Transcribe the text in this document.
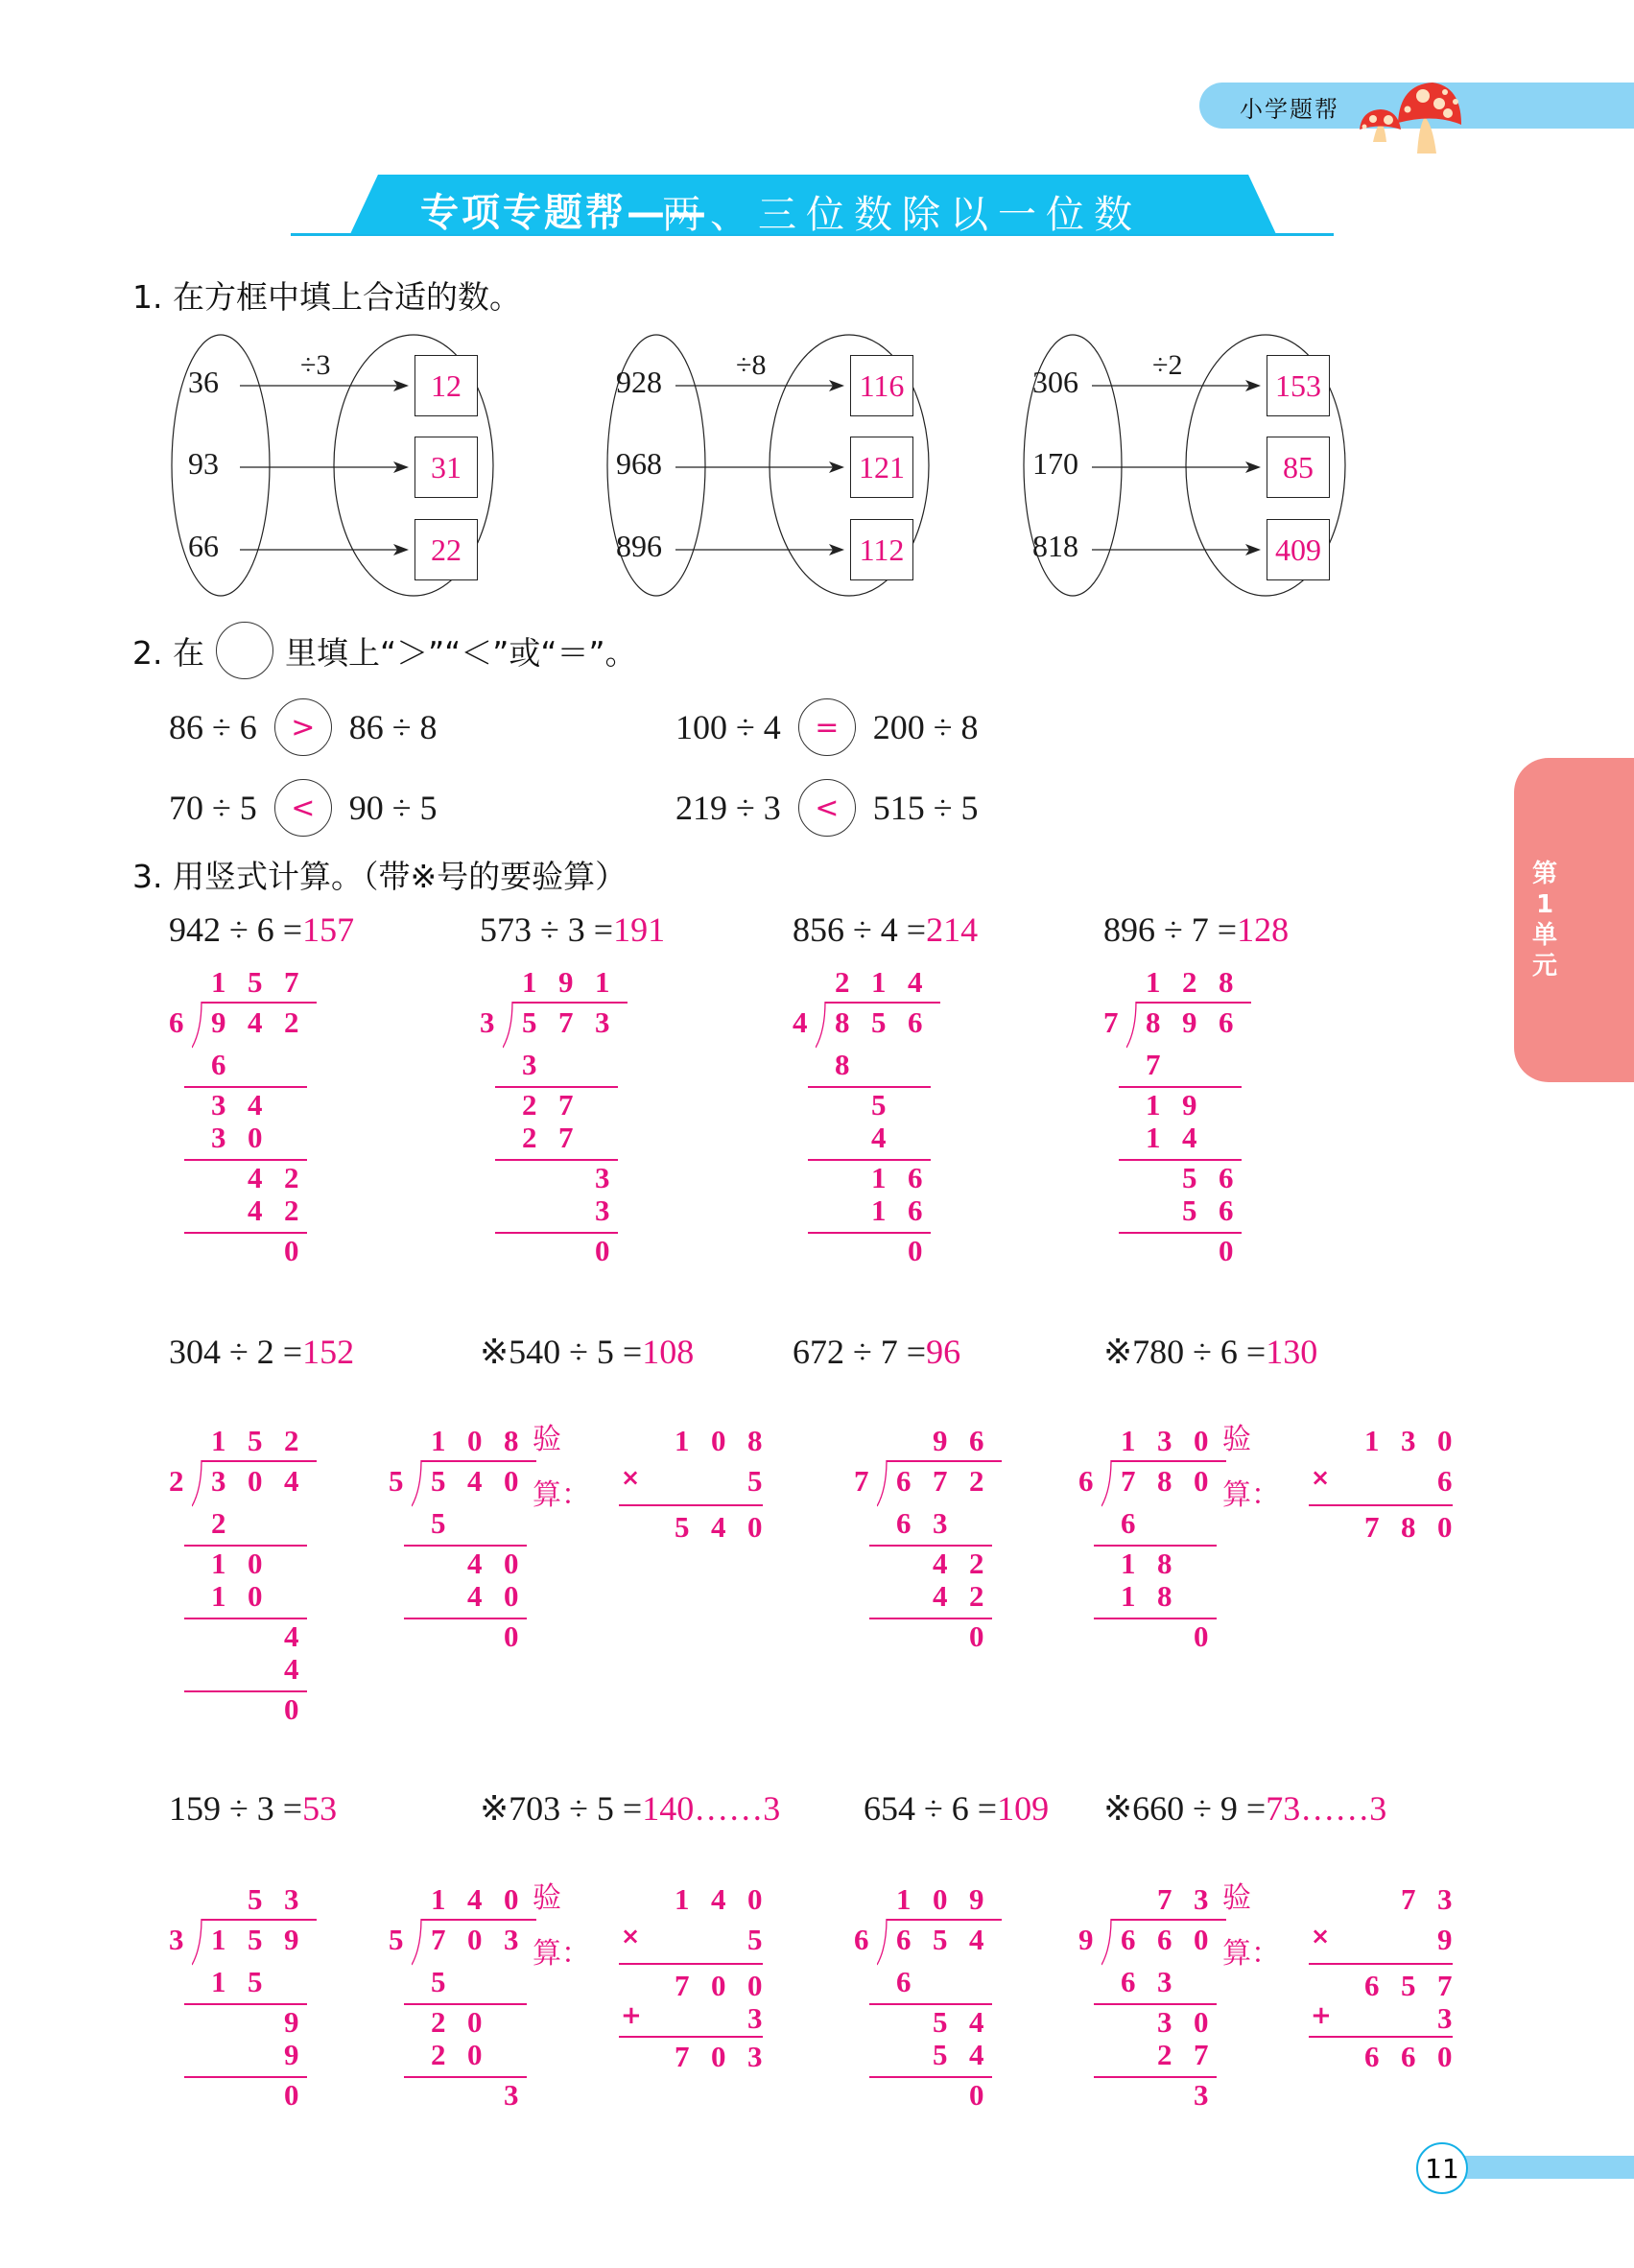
小学题帮
专项专题帮——
两、三位数除以一位数
1. 在方框中填上合适的数。
÷3
36	12
93	31
66	22
÷8
928	116
968	121
896	112
÷2
306	153
170	85
818	409
2. 在	里填上“＞”“＜”或“＝”。
86 ÷ 6	> 86 ÷ 8	100 ÷ 4	= 200 ÷ 8
70 ÷ 5	< 90 ÷ 5	219 ÷ 3	< 515 ÷ 5
3. 用竖式计算。（带※号的要验算）
942 ÷ 6 =157
1 5 7
6 9 4 2
6
3 4
3 0
4 2
4 2
0
573 ÷ 3 =191
1 9 1
3 5 7 3
3
2 7
2 7
3
3
0
856 ÷ 4 =214
2 1 4
4 8 5 6
8
5
4
1 6
1 6
0
896 ÷ 7 =128
1 2 8
7 8 9 6
7
1 9
1 4
5 6
5 6
0
304 ÷ 2 =152
1 5 2
2 3 0 4
2
1 0
1 0
4
4
0
※540 ÷ 5 =108
1 0 8
5 5 4 0
5
4 0
4 0
0
验
算：
1 0 8
×	5
5 4 0
672 ÷ 7 =96
9 6
7 6 7 2
6 3
4 2
4 2
0
※780 ÷ 6 =130
1 3 0
6 7 8 0
6
1 8
1 8
0
验
算：
1 3 0
×	6
7 8 0
159 ÷ 3 =53
5 3
3 1 5 9
1 5
9
9
0
※703 ÷ 5 =140……3
1 4 0
5 7 0 3
5
2 0
2 0
3
验
算：
1 4 0
×	5
7 0 0
+	3
7 0 3
654 ÷ 6 =109
1 0 9
6 6 5 4
6
5 4
5 4
0
※660 ÷ 9 =73……3
7 3
9 6 6 0
6 3
3 0
2 7
3
验
算：
7 3
×	9
6 5 7
+	3
6 6 0
第
1
单
元
11
